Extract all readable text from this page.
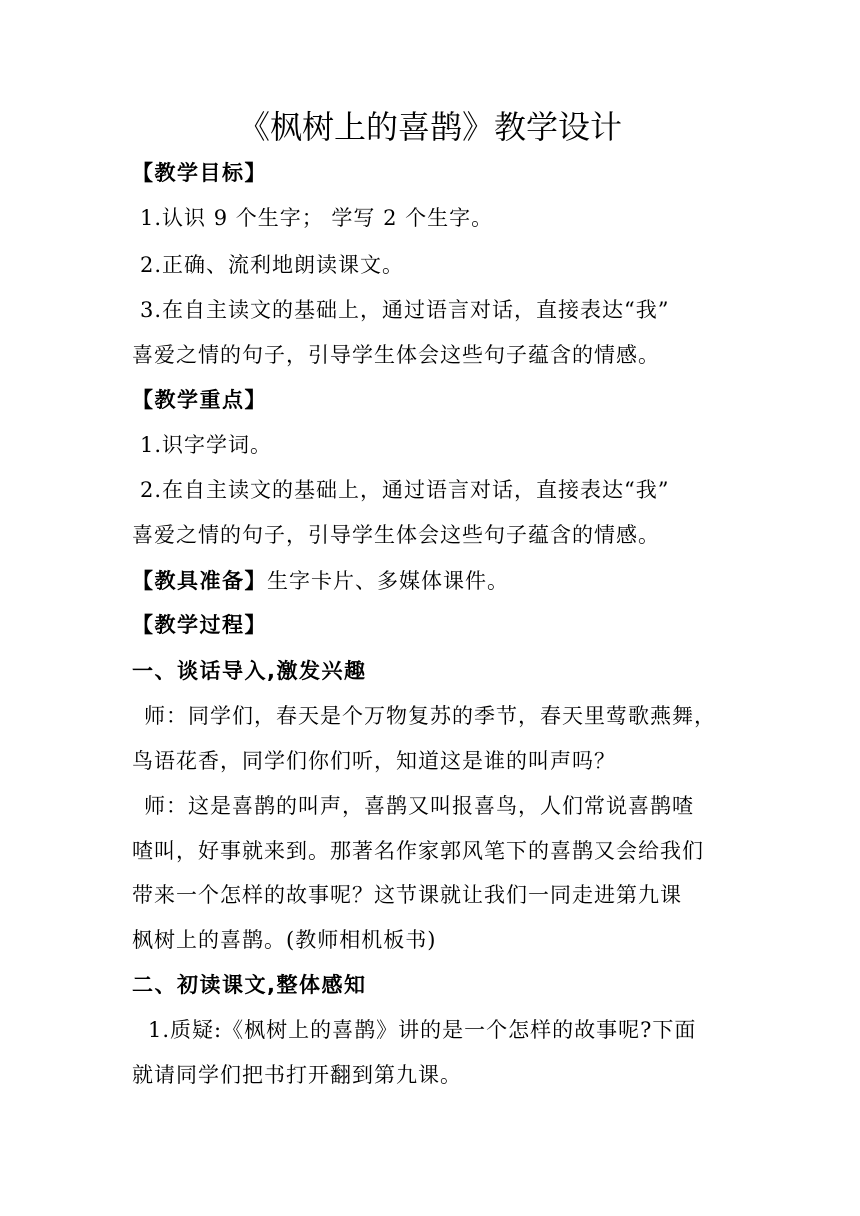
《枫树上的喜鹊》教学设计
【教学目标】
1.认识 9 个生字； 学写 2 个生字。
2.正确、流利地朗读课文。
3.在自主读文的基础上，通过语言对话，直接表达“我”
喜爱之情的句子，引导学生体会这些句子蕴含的情感。
【教学重点】
1.识字学词。
2.在自主读文的基础上，通过语言对话，直接表达“我”
喜爱之情的句子，引导学生体会这些句子蕴含的情感。
【教具准备】生字卡片、多媒体课件。
【教学过程】
一、谈话导入,激发兴趣
师：同学们，春天是个万物复苏的季节，春天里莺歌燕舞，
鸟语花香，同学们你们听，知道这是谁的叫声吗？
师：这是喜鹊的叫声，喜鹊又叫报喜鸟，人们常说喜鹊喳
喳叫，好事就来到。那著名作家郭风笔下的喜鹊又会给我们
带来一个怎样的故事呢？这节课就让我们一同走进第九课
枫树上的喜鹊。(教师相机板书)
二、初读课文,整体感知
1.质疑:《枫树上的喜鹊》讲的是一个怎样的故事呢?下面
就请同学们把书打开翻到第九课。
